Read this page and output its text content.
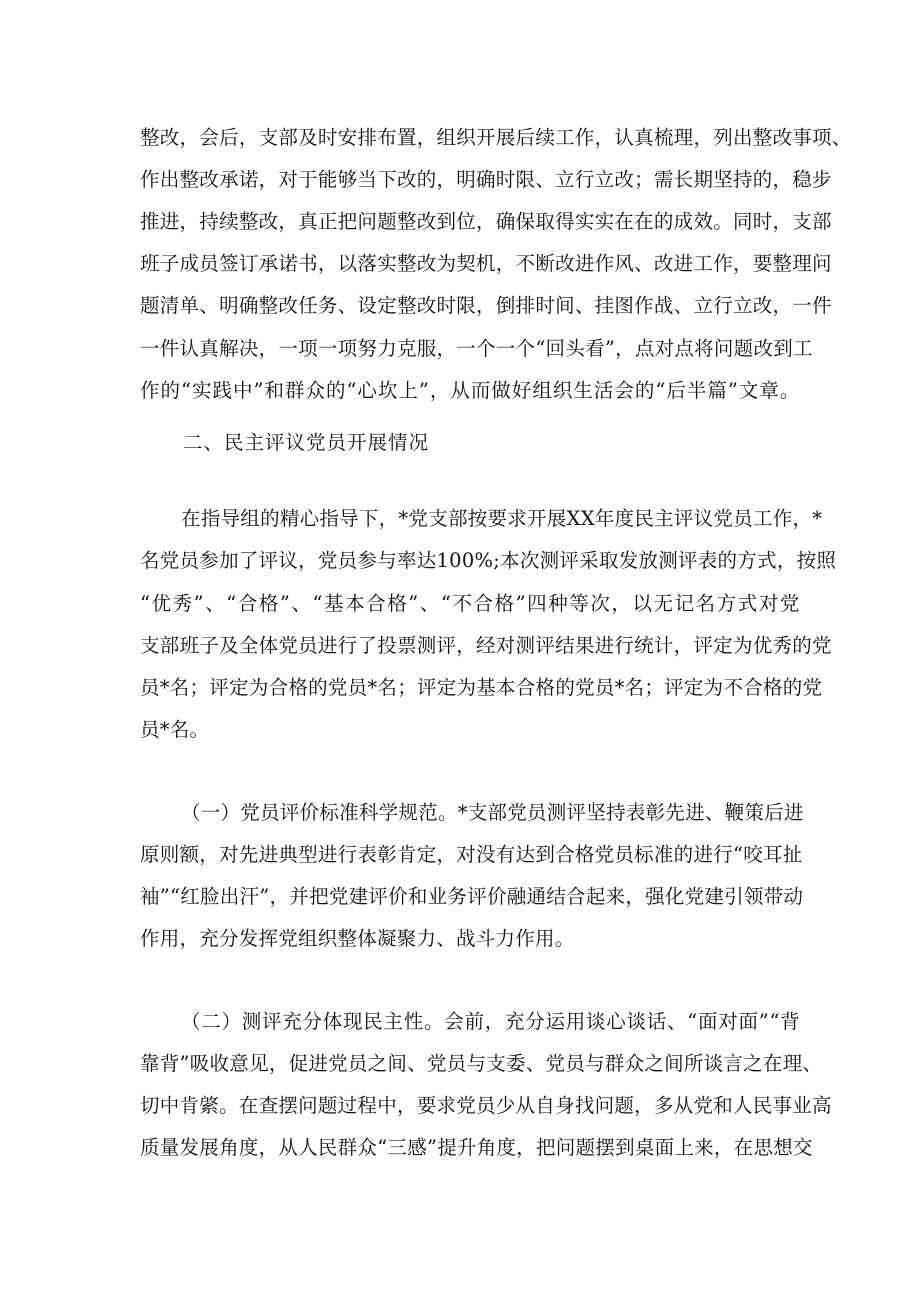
整 改 ， 会 后 ， 支 部 及 时 安 排 布 置 ， 组 织 开 展 后 续 工 作 ， 认 真 梳 理 ， 列 出 整 改 事 项 、
作 出 整 改 承 诺 ， 对 于 能 够 当 下 改 的 ， 明 确 时 限 、 立 行 立 改 ； 需 长 期 坚 持 的 ， 稳 步
推 进 ， 持 续 整 改 ， 真 正 把 问 题 整 改 到 位 ， 确 保 取 得 实 实 在 在 的 成 效 。 同 时 ， 支 部
班 子 成 员 签 订 承 诺 书 ， 以 落 实 整 改 为 契 机 ， 不 断 改 进 作 风 、 改 进 工 作 ， 要 整 理 问
题 清 单 、 明 确 整 改 任 务 、 设 定 整 改 时 限 ， 倒 排 时 间 、 挂 图 作 战 、 立 行 立 改 ， 一 件
一 件 认 真 解 决 ， 一 项 一 项 努 力 克 服 ， 一 个 一 个 “ 回 头 看 ” ， 点 对 点 将 问 题 改 到 工
作 的 “ 实 践 中 ” 和 群 众 的 “ 心 坎 上 ” ， 从 而 做 好 组 织 生 活 会 的 “ 后 半 篇 ” 文 章 。
二、民主评议党员开展情况
在 指 导 组 的 精 心 指 导 下 ， * 党 支 部 按 要 求 开 展 X X 年 度 民 主 评 议 党 员 工 作 ， *
名 党 员 参 加 了 评 议 ， 党 员 参 与 率 达 1 0 0 % ; 本 次 测 评 采 取 发 放 测 评 表 的 方 式 ， 按 照
“ 优 秀 ” 、 “ 合 格 ” 、 “ 基 本 合 格 ” 、 “ 不 合 格 ” 四 种 等 次 ， 以 无 记 名 方 式 对 党
支 部 班 子 及 全 体 党 员 进 行 了 投 票 测 评 ， 经 对 测 评 结 果 进 行 统 计 ， 评 定 为 优 秀 的 党
员 * 名 ； 评 定 为 合 格 的 党 员 * 名 ； 评 定 为 基 本 合 格 的 党 员 * 名 ； 评 定 为 不 合 格 的 党
员*名。
（ 一 ） 党 员 评 价 标 准 科 学 规 范 。 * 支 部 党 员 测 评 坚 持 表 彰 先 进 、 鞭 策 后 进
原 则 额 ， 对 先 进 典 型 进 行 表 彰 肯 定 ， 对 没 有 达 到 合 格 党 员 标 准 的 进 行 “ 咬 耳 扯
袖 ” “ 红 脸 出 汗 ” ， 并 把 党 建 评 价 和 业 务 评 价 融 通 结 合 起 来 ， 强 化 党 建 引 领 带 动
作用，充分发挥党组织整体凝聚力、战斗力作用。
（ 二 ） 测 评 充 分 体 现 民 主 性 。 会 前 ， 充 分 运 用 谈 心 谈 话 、 “ 面 对 面 ” “ 背
靠 背 ” 吸 收 意 见 ， 促 进 党 员 之 间 、 党 员 与 支 委 、 党 员 与 群 众 之 间 所 谈 言 之 在 理 、
切 中 肯 綮 。 在 查 摆 问 题 过 程 中 ， 要 求 党 员 少 从 自 身 找 问 题 ， 多 从 党 和 人 民 事 业 高
质 量 发 展 角 度 ， 从 人 民 群 众 “ 三 感 ” 提 升 角 度 ， 把 问 题 摆 到 桌 面 上 来 ， 在 思 想 交
